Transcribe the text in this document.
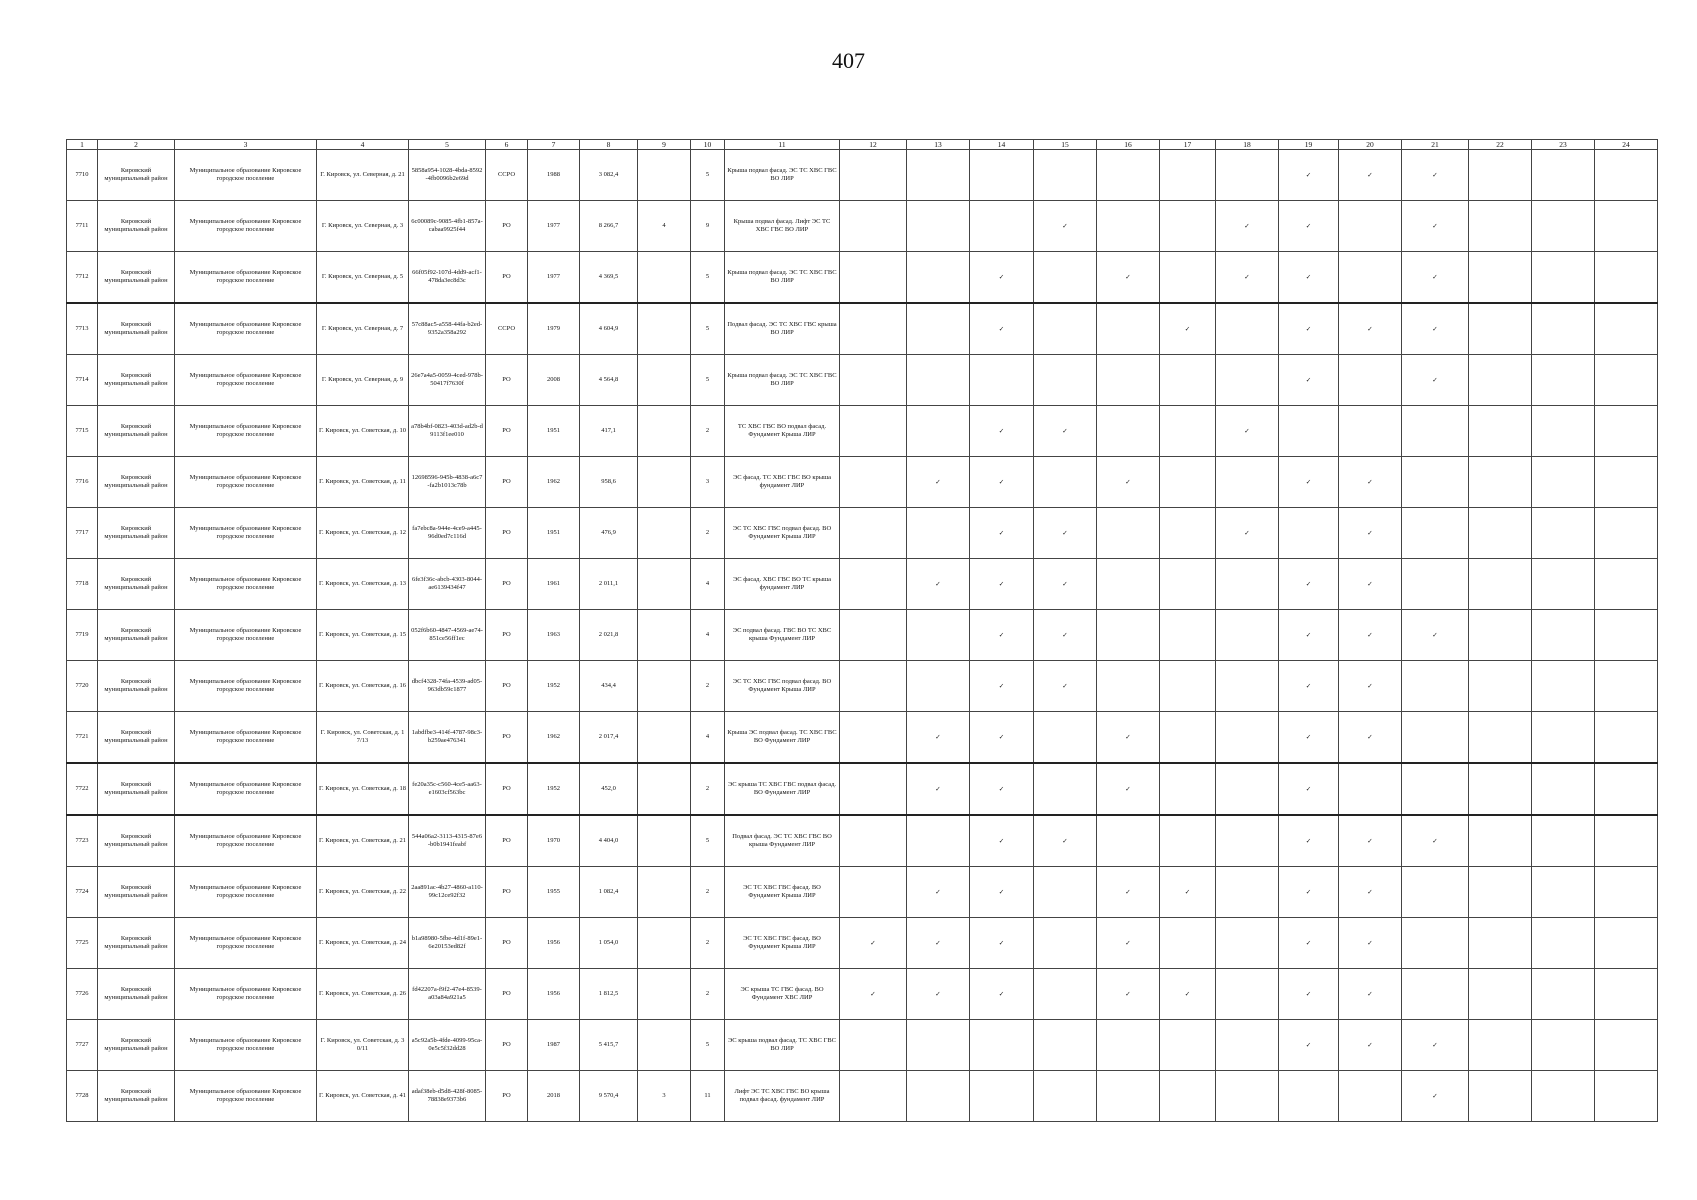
407
1	2	3	4	5	6	7	8	9	10	11	12	13	14	15	16	17	18	19	20	21	22	23	24
7710	Кировский муниципальный район	Муниципальное образование Кировское городское поселение	Г. Кировск, ул. Северная, д. 21	5858a954-1028-4bda-8592-4fb0096b2e69d	ССРО	1988	3 082,4		5	Крыша подвал фасад. ЭС ТС ХВС ГВС ВО ЛИР								✓	✓	✓			
7711	Кировский муниципальный район	Муниципальное образование Кировское городское поселение	Г. Кировск, ул. Северная, д. 3	6c00089c-9085-4fb1-857a-cabaa9925f44	РО	1977	8 266,7	4	9	Крыша подвал фасад. Лифт ЭС ТС ХВС ГВС ВО ЛИР				✓			✓	✓		✓			
7712	Кировский муниципальный район	Муниципальное образование Кировское городское поселение	Г. Кировск, ул. Северная, д. 5	66f05f92-107d-4dd9-acf1-478da3ec8d3c	РО	1977	4 369,5		5	Крыша подвал фасад. ЭС ТС ХВС ГВС ВО ЛИР			✓		✓		✓	✓		✓			
7713	Кировский муниципальный район	Муниципальное образование Кировское городское поселение	Г. Кировск, ул. Северная, д. 7	57c88ac5-a558-44fa-b2ed-9352a358a292	ССРО	1979	4 604,9		5	Подвал фасад. ЭС ТС ХВС ГВС крыша ВО ЛИР			✓			✓		✓	✓	✓			
7714	Кировский муниципальный район	Муниципальное образование Кировское городское поселение	Г. Кировск, ул. Северная, д. 9	26e7a4a5-0059-4ced-978b-50417f7630f	РО	2008	4 564,8		5	Крыша подвал фасад. ЭС ТС ХВС ГВС ВО ЛИР								✓		✓			
7715	Кировский муниципальный район	Муниципальное образование Кировское городское поселение	Г. Кировск, ул. Советская, д. 10	a78b4bf-0823-403d-ad2b-d9113f1ee010	РО	1951	417,1		2	ТС ХВС ГВС ВО подвал фасад. Фундамент Крыша ЛИР			✓	✓			✓						
7716	Кировский муниципальный район	Муниципальное образование Кировское городское поселение	Г. Кировск, ул. Советская, д. 11	12698596-945b-4838-a6c7-fa2b1013c78b	РО	1962	958,6		3	ЭС фасад. ТС ХВС ГВС ВО крыша фундамент ЛИР		✓	✓		✓			✓	✓				
7717	Кировский муниципальный район	Муниципальное образование Кировское городское поселение	Г. Кировск, ул. Советская, д. 12	fa7ebc8a-944e-4ce9-a445-96d0ed7c116d	РО	1951	476,9		2	ЭС ТС ХВС ГВС подвал фасад. ВО Фундамент Крыша ЛИР			✓	✓			✓		✓				
7718	Кировский муниципальный район	Муниципальное образование Кировское городское поселение	Г. Кировск, ул. Советская, д. 13	6fe3f36c-abcb-4303-8044-ae6139434f47	РО	1961	2 011,1		4	ЭС фасад. ХВС ГВС ВО ТС крыша фундамент ЛИР		✓	✓	✓				✓	✓				
7719	Кировский муниципальный район	Муниципальное образование Кировское городское поселение	Г. Кировск, ул. Советская, д. 15	052f6b60-4847-4569-ae74-851ce56ff1ec	РО	1963	2 021,8		4	ЭС подвал фасад. ГВС ВО ТС ХВС крыша Фундамент ЛИР			✓	✓				✓	✓	✓			
7720	Кировский муниципальный район	Муниципальное образование Кировское городское поселение	Г. Кировск, ул. Советская, д. 16	dbcf4328-74fa-4539-ad05-963db59c1877	РО	1952	434,4		2	ЭС ТС ХВС ГВС подвал фасад. ВО Фундамент Крыша ЛИР			✓	✓				✓	✓				
7721	Кировский муниципальный район	Муниципальное образование Кировское городское поселение	Г. Кировск, ул. Советская, д. 17/13	1abdfbe3-414f-4787-98c3-b259ae476341	РО	1962	2 017,4		4	Крыша ЭС подвал фасад. ТС ХВС ГВС ВО Фундамент ЛИР		✓	✓		✓			✓	✓				
7722	Кировский муниципальный район	Муниципальное образование Кировское городское поселение	Г. Кировск, ул. Советская, д. 18	fe20a35c-c560-4ce5-aa63-e1603cf563bc	РО	1952	452,0		2	ЭС крыша ТС ХВС ГВС подвал фасад. ВО Фундамент ЛИР		✓	✓		✓			✓					
7723	Кировский муниципальный район	Муниципальное образование Кировское городское поселение	Г. Кировск, ул. Советская, д. 21	544a06a2-3113-4315-87e6-b0b1941feabf	РО	1970	4 404,0		5	Подвал фасад. ЭС ТС ХВС ГВС ВО крыша Фундамент ЛИР			✓	✓				✓	✓	✓			
7724	Кировский муниципальный район	Муниципальное образование Кировское городское поселение	Г. Кировск, ул. Советская, д. 22	2aa891ac-4b27-4860-a110-99c12ce92f32	РО	1955	1 082,4		2	ЭС ТС ХВС ГВС фасад. ВО Фундамент Крыша ЛИР		✓	✓		✓	✓		✓	✓				
7725	Кировский муниципальный район	Муниципальное образование Кировское городское поселение	Г. Кировск, ул. Советская, д. 24	b1a98980-5fbe-4d1f-89e1-6e20153ed82f	РО	1956	1 054,0		2	ЭС ТС ХВС ГВС фасад. ВО Фундамент Крыша ЛИР	✓	✓	✓		✓			✓	✓				
7726	Кировский муниципальный район	Муниципальное образование Кировское городское поселение	Г. Кировск, ул. Советская, д. 26	fd42207a-f9f2-47e4-8539-a03a84a921a5	РО	1956	1 812,5		2	ЭС крыша ТС ГВС фасад. ВО Фундамент ХВС ЛИР	✓	✓	✓		✓	✓		✓	✓				
7727	Кировский муниципальный район	Муниципальное образование Кировское городское поселение	Г. Кировск, ул. Советская, д. 30/11	a5c92a5b-4fde-4099-95ca-0e5c5f32dd28	РО	1987	5 415,7		5	ЭС крыша подвал фасад. ТС ХВС ГВС ВО ЛИР								✓	✓	✓			
7728	Кировский муниципальный район	Муниципальное образование Кировское городское поселение	Г. Кировск, ул. Советская, д. 41	adaf38eb-d5d8-428f-8085-78838e9373b6	РО	2018	9 570,4	3	11	Лифт ЭС ТС ХВС ГВС ВО крыша подвал фасад. фундамент ЛИР										✓			
